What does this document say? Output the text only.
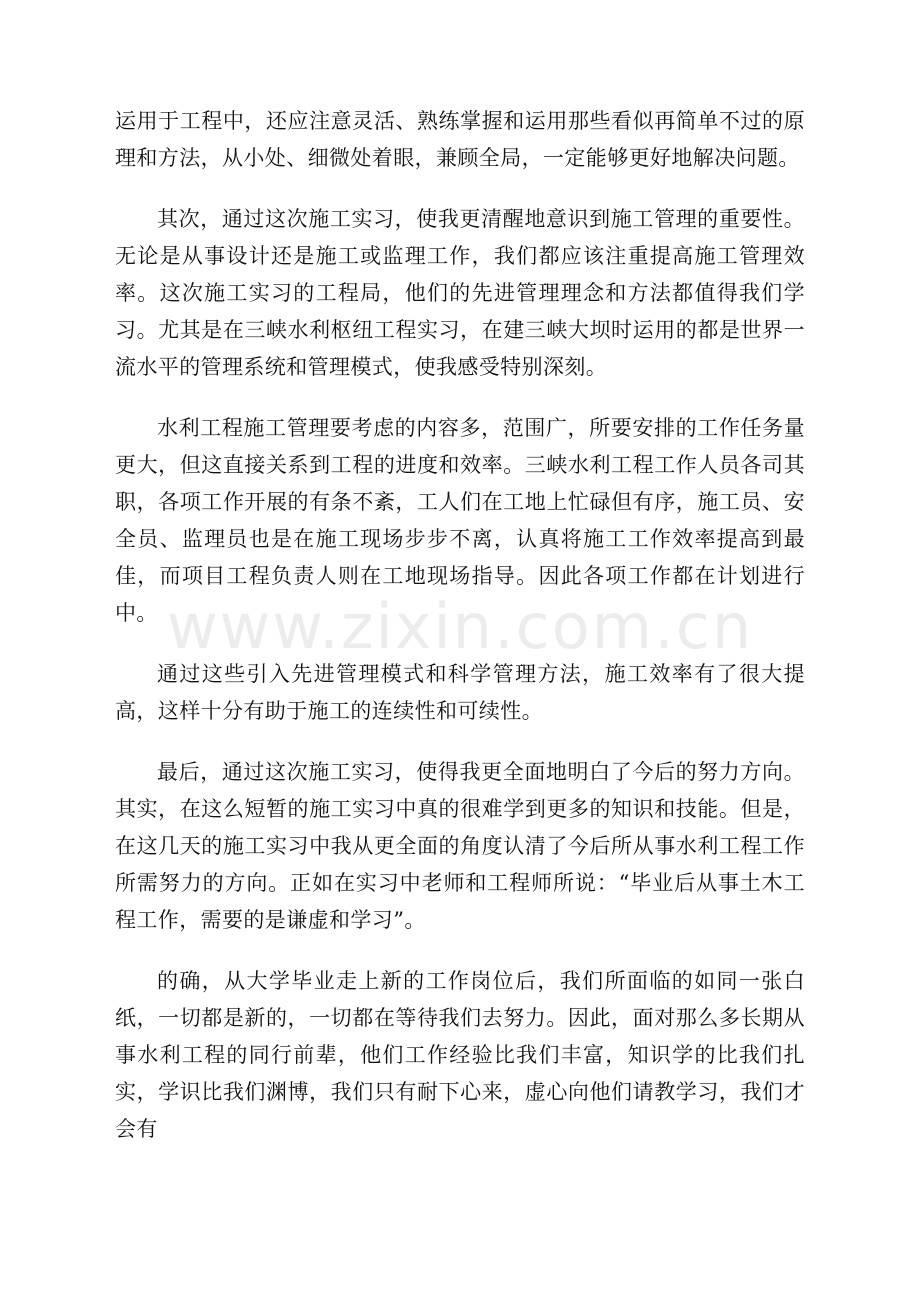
运用于工程中，还应注意灵活、熟练掌握和运用那些看似再简单不过的原理和方法，从小处、细微处着眼，兼顾全局，一定能够更好地解决问题。

其次，通过这次施工实习，使我更清醒地意识到施工管理的重要性。无论是从事设计还是施工或监理工作，我们都应该注重提高施工管理效率。这次施工实习的工程局，他们的先进管理理念和方法都值得我们学习。尤其是在三峡水利枢纽工程实习，在建三峡大坝时运用的都是世界一流水平的管理系统和管理模式，使我感受特别深刻。

水利工程施工管理要考虑的内容多，范围广，所要安排的工作任务量更大，但这直接关系到工程的进度和效率。三峡水利工程工作人员各司其职，各项工作开展的有条不紊，工人们在工地上忙碌但有序，施工员、安全员、监理员也是在施工现场步步不离，认真将施工工作效率提高到最佳，而项目工程负责人则在工地现场指导。因此各项工作都在计划进行中。

通过这些引入先进管理模式和科学管理方法，施工效率有了很大提高，这样十分有助于施工的连续性和可续性。

最后，通过这次施工实习，使得我更全面地明白了今后的努力方向。其实，在这么短暂的施工实习中真的很难学到更多的知识和技能。但是，在这几天的施工实习中我从更全面的角度认清了今后所从事水利工程工作所需努力的方向。正如在实习中老师和工程师所说：“毕业后从事土木工程工作，需要的是谦虚和学习”。

的确，从大学毕业走上新的工作岗位后，我们所面临的如同一张白纸，一切都是新的，一切都在等待我们去努力。因此，面对那么多长期从事水利工程的同行前辈，他们工作经验比我们丰富，知识学的比我们扎实，学识比我们渊博，我们只有耐下心来，虚心向他们请教学习，我们才会有

www.zixin.com.cn
